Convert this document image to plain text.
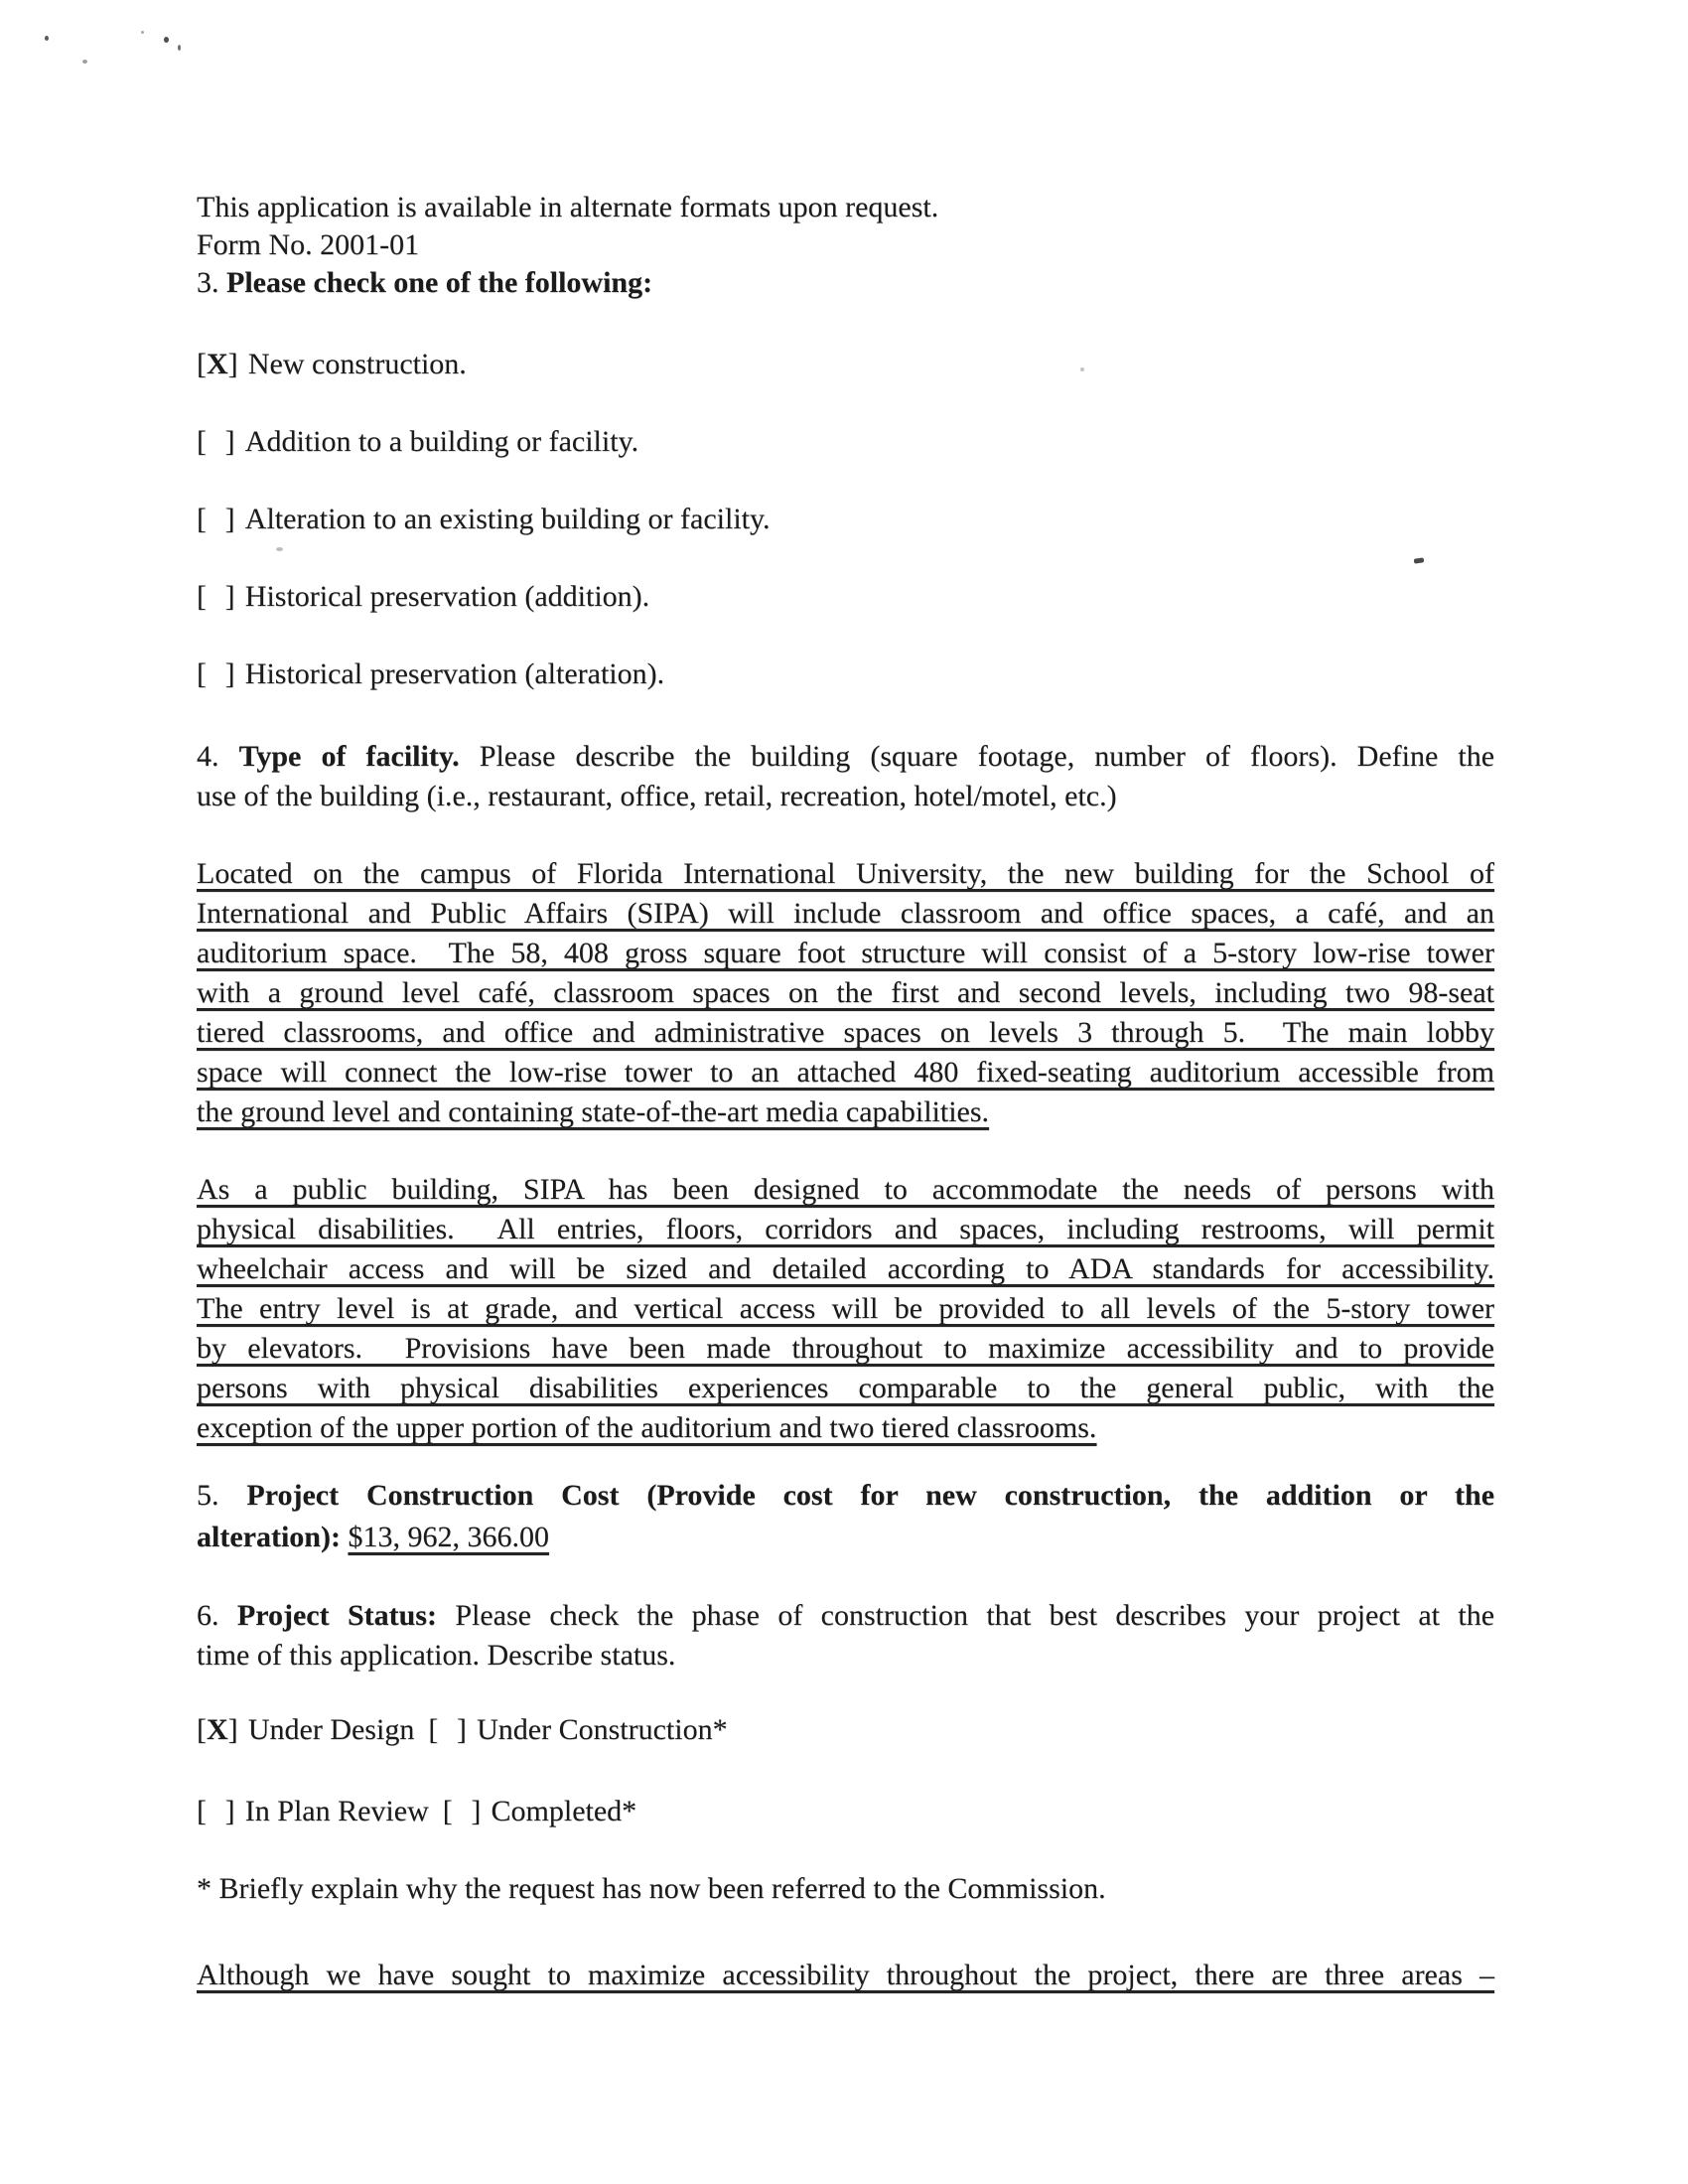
This application is available in alternate formats upon request.
Form No. 2001-01
3. Please check one of the following:
[X] New construction.
[ ] Addition to a building or facility.
[ ] Alteration to an existing building or facility.
[ ] Historical preservation (addition).
[ ] Historical preservation (alteration).
4. Type of facility. Please describe the building (square footage, number of floors). Define the
use of the building (i.e., restaurant, office, retail, recreation, hotel/motel, etc.)
Located on the campus of Florida International University, the new building for the School of
International and Public Affairs (SIPA) will include classroom and office spaces, a café, and an
auditorium space.  The 58, 408 gross square foot structure will consist of a 5-story low-rise tower
with a ground level café, classroom spaces on the first and second levels, including two 98-seat
tiered classrooms, and office and administrative spaces on levels 3 through 5.  The main lobby
space will connect the low-rise tower to an attached 480 fixed-seating auditorium accessible from
the ground level and containing state-of-the-art media capabilities.
As a public building, SIPA has been designed to accommodate the needs of persons with
physical disabilities.  All entries, floors, corridors and spaces, including restrooms, will permit
wheelchair access and will be sized and detailed according to ADA standards for accessibility.
The entry level is at grade, and vertical access will be provided to all levels of the 5-story tower
by elevators.  Provisions have been made throughout to maximize accessibility and to provide
persons with physical disabilities experiences comparable to the general public, with the
exception of the upper portion of the auditorium and two tiered classrooms.
5. Project Construction Cost (Provide cost for new construction, the addition or the
alteration): $13, 962, 366.00
6. Project Status: Please check the phase of construction that best describes your project at the
time of this application. Describe status.
[X] Under Design [ ] Under Construction*
[ ] In Plan Review [ ] Completed*
* Briefly explain why the request has now been referred to the Commission.
Although we have sought to maximize accessibility throughout the project, there are three areas –
